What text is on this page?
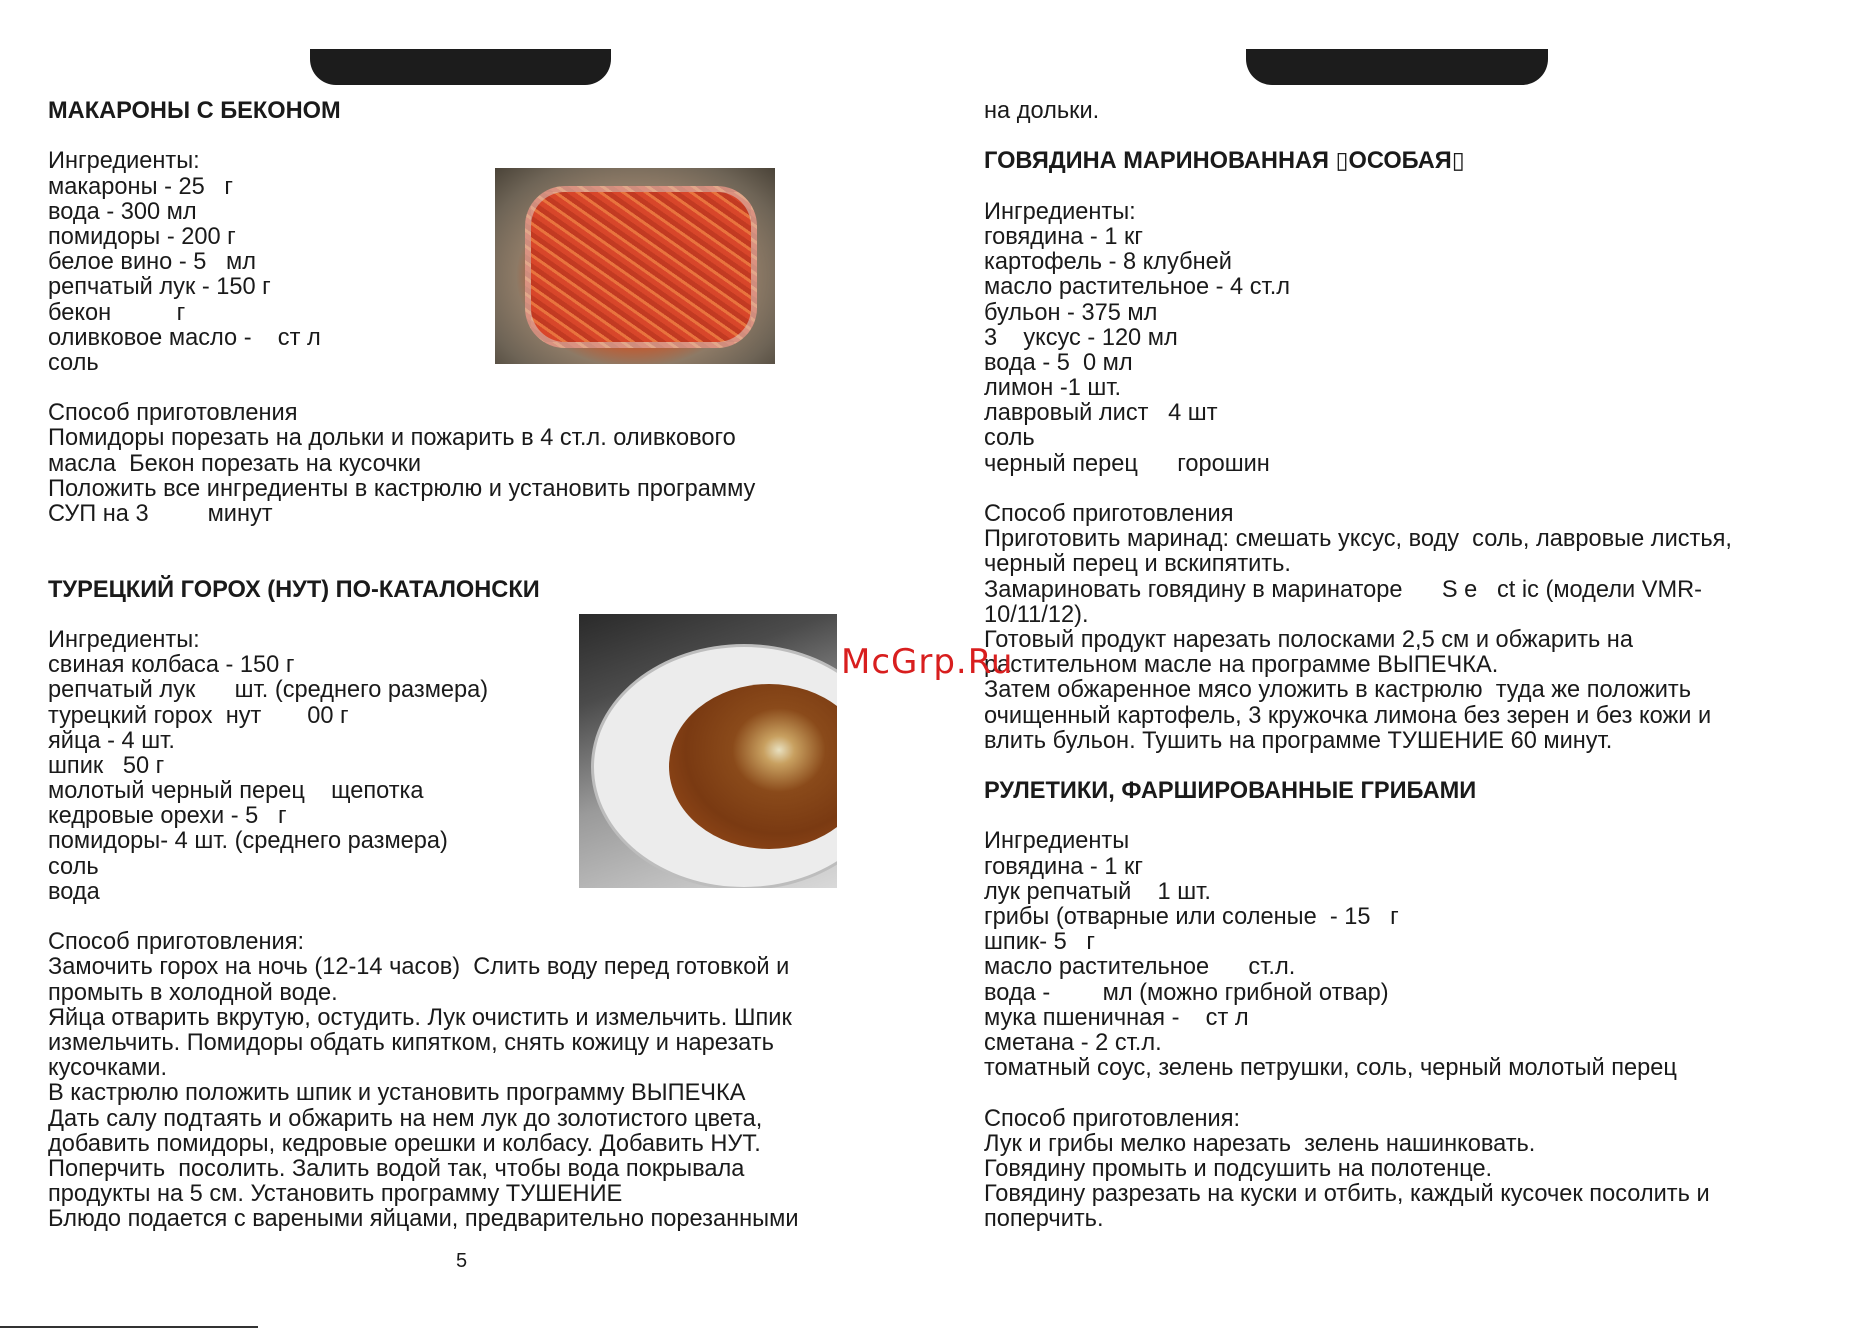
МАКАРОНЫ С БЕКОНОМ
Ингредиенты:
макароны - 25   г
вода - 300 мл
помидоры - 200 г
белое вино - 5   мл
репчатый лук - 150 г
бекон          г
оливковое масло -    ст л
соль
Способ приготовления
Помидоры порезать на дольки и пожарить в 4 ст.л. оливкового
масла  Бекон порезать на кусочки
Положить все ингредиенты в кастрюлю и установить программу
СУП на 3         минут
ТУРЕЦКИЙ ГОРОХ (НУТ) ПО-КАТАЛОНСКИ
Ингредиенты:
свиная колбаса - 150 г
репчатый лук      шт. (среднего размера)
турецкий горох  нут       00 г
яйца - 4 шт.
шпик   50 г
молотый черный перец    щепотка
кедровые орехи - 5   г
помидоры- 4 шт. (среднего размера)
соль
вода
Способ приготовления:
Замочить горох на ночь (12-14 часов)  Слить воду перед готовкой и
промыть в холодной воде.
Яйца отварить вкрутую, остудить. Лук очистить и измельчить. Шпик
измельчить. Помидоры обдать кипятком, снять кожицу и нарезать
кусочками.
В кастрюлю положить шпик и установить программу ВЫПЕЧКА
Дать салу подтаять и обжарить на нем лук до золотистого цвета,
добавить помидоры, кедровые орешки и колбасу. Добавить НУТ.
Поперчить  посолить. Залить водой так, чтобы вода покрывала
продукты на 5 см. Установить программу ТУШЕНИЕ
Блюдо подается с вареными яйцами, предварительно порезанными
на дольки.
ГОВЯДИНА МАРИНОВАННАЯ ▯ОСОБАЯ▯
Ингредиенты:
говядина - 1 кг
картофель - 8 клубней
масло растительное - 4 ст.л
бульон - 375 мл
3    уксус - 120 мл
вода - 5  0 мл
лимон -1 шт.
лавровый лист   4 шт
соль
черный перец      горошин
Способ приготовления
Приготовить маринад: смешать уксус, воду  соль, лавровые листья,
черный перец и вскипятить.
Замариновать говядину в маринаторе      S e   ct ic (модели VMR-
10/11/12).
Готовый продукт нарезать полосками 2,5 см и обжарить на
растительном масле на программе ВЫПЕЧКА.
Затем обжаренное мясо уложить в кастрюлю  туда же положить
очищенный картофель, 3 кружочка лимона без зерен и без кожи и
влить бульон. Тушить на программе ТУШЕНИЕ 60 минут.
РУЛЕТИКИ, ФАРШИРОВАННЫЕ ГРИБАМИ
Ингредиенты
говядина - 1 кг
лук репчатый    1 шт.
грибы (отварные или соленые  - 15   г
шпик- 5   г
масло растительное      ст.л.
вода -        мл (можно грибной отвар)
мука пшеничная -    ст л
сметана - 2 ст.л.
томатный соус, зелень петрушки, соль, черный молотый перец
Способ приготовления:
Лук и грибы мелко нарезать  зелень нашинковать.
Говядину промыть и подсушить на полотенце.
Говядину разрезать на куски и отбить, каждый кусочек посолить и
поперчить.
McGrp.Ru
5
